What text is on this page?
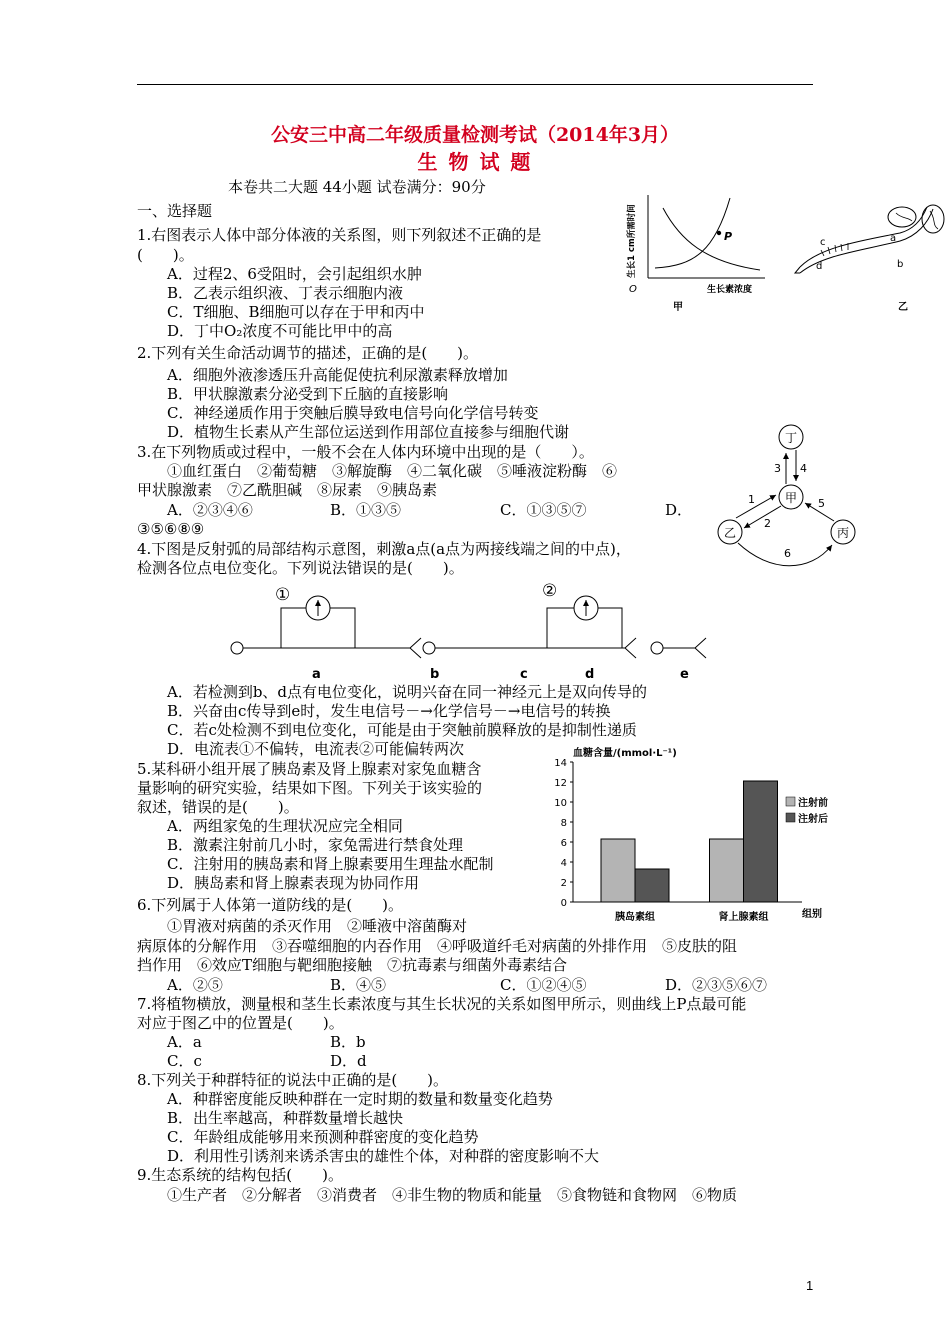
公安三中高二年级质量检测考试（2014年3月）
生 物 试 题
本卷共二大题 44小题 试卷满分：90分
一、选择题
1.右图表示人体中部分体液的关系图，则下列叙述不正确的是
(　　)。
A．过程2、6受阻时，会引起组织水肿
B．乙表示组织液、丁表示细胞内液
C．T细胞、B细胞可以存在于甲和丙中
D．丁中O₂浓度不可能比甲中的高
2.下列有关生命活动调节的描述，正确的是(　　)。
A．细胞外液渗透压升高能促使抗利尿激素释放增加
B．甲状腺激素分泌受到下丘脑的直接影响
C．神经递质作用于突触后膜导致电信号向化学信号转变
D．植物生长素从产生部位运送到作用部位直接参与细胞代谢
3.在下列物质或过程中，一般不会在人体内环境中出现的是（　　）。
①血红蛋白　②葡萄糖　③解旋酶　④二氧化碳　⑤唾液淀粉酶　⑥
甲状腺激素　⑦乙酰胆碱　⑧尿素　⑨胰岛素
A．②③④⑥	B．①③⑤	C．①③⑤⑦	D．
③⑤⑥⑧⑨
4.下图是反射弧的局部结构示意图，刺激a点(a点为两接线端之间的中点)，
检测各位点电位变化。下列说法错误的是(　　)。
A．若检测到b、d点有电位变化，说明兴奋在同一神经元上是双向传导的
B．兴奋由c传导到e时，发生电信号－→化学信号－→电信号的转换
C．若c处检测不到电位变化，可能是由于突触前膜释放的是抑制性递质
D．电流表①不偏转，电流表②可能偏转两次
5.某科研小组开展了胰岛素及肾上腺素对家兔血糖含
量影响的研究实验，结果如下图。下列关于该实验的
叙述，错误的是(　　)。
A．两组家兔的生理状况应完全相同
B．激素注射前几小时，家兔需进行禁食处理
C．注射用的胰岛素和肾上腺素要用生理盐水配制
D．胰岛素和肾上腺素表现为协同作用
6.下列属于人体第一道防线的是(　　)。
①胃液对病菌的杀灭作用　②唾液中溶菌酶对
病原体的分解作用　③吞噬细胞的内吞作用　④呼吸道纤毛对病菌的外排作用　⑤皮肤的阻
挡作用　⑥效应T细胞与靶细胞接触　⑦抗毒素与细菌外毒素结合
A．②⑤	B．④⑤	C．①②④⑤	D．②③⑤⑥⑦
7.将植物横放，测量根和茎生长素浓度与其生长状况的关系如图甲所示，则曲线上P点最可能
对应于图乙中的位置是(　　)。
A．a	B．b
C．c	D．d
8.下列关于种群特征的说法中正确的是(　　)。
A．种群密度能反映种群在一定时期的数量和数量变化趋势
B．出生率越高，种群数量增长越快
C．年龄组成能够用来预测种群密度的变化趋势
D．利用性引诱剂来诱杀害虫的雄性个体，对种群的密度影响不大
9.生态系统的结构包括(　　)。
①生产者　②分解者　③消费者　④非生物的物质和能量　⑤食物链和食物网　⑥物质
1
P
O	生长素浓度
生长1 cm所需时间
甲
c
d
a
b
乙
丁
甲
乙	丙
3 4
1
2
5
6
①	②
a	b	c	d	e
血糖含量/(mmol·L⁻¹)
组别
0
2
4
6
8
10
12
14
胰岛素组	肾上腺素组
注射前
注射后
